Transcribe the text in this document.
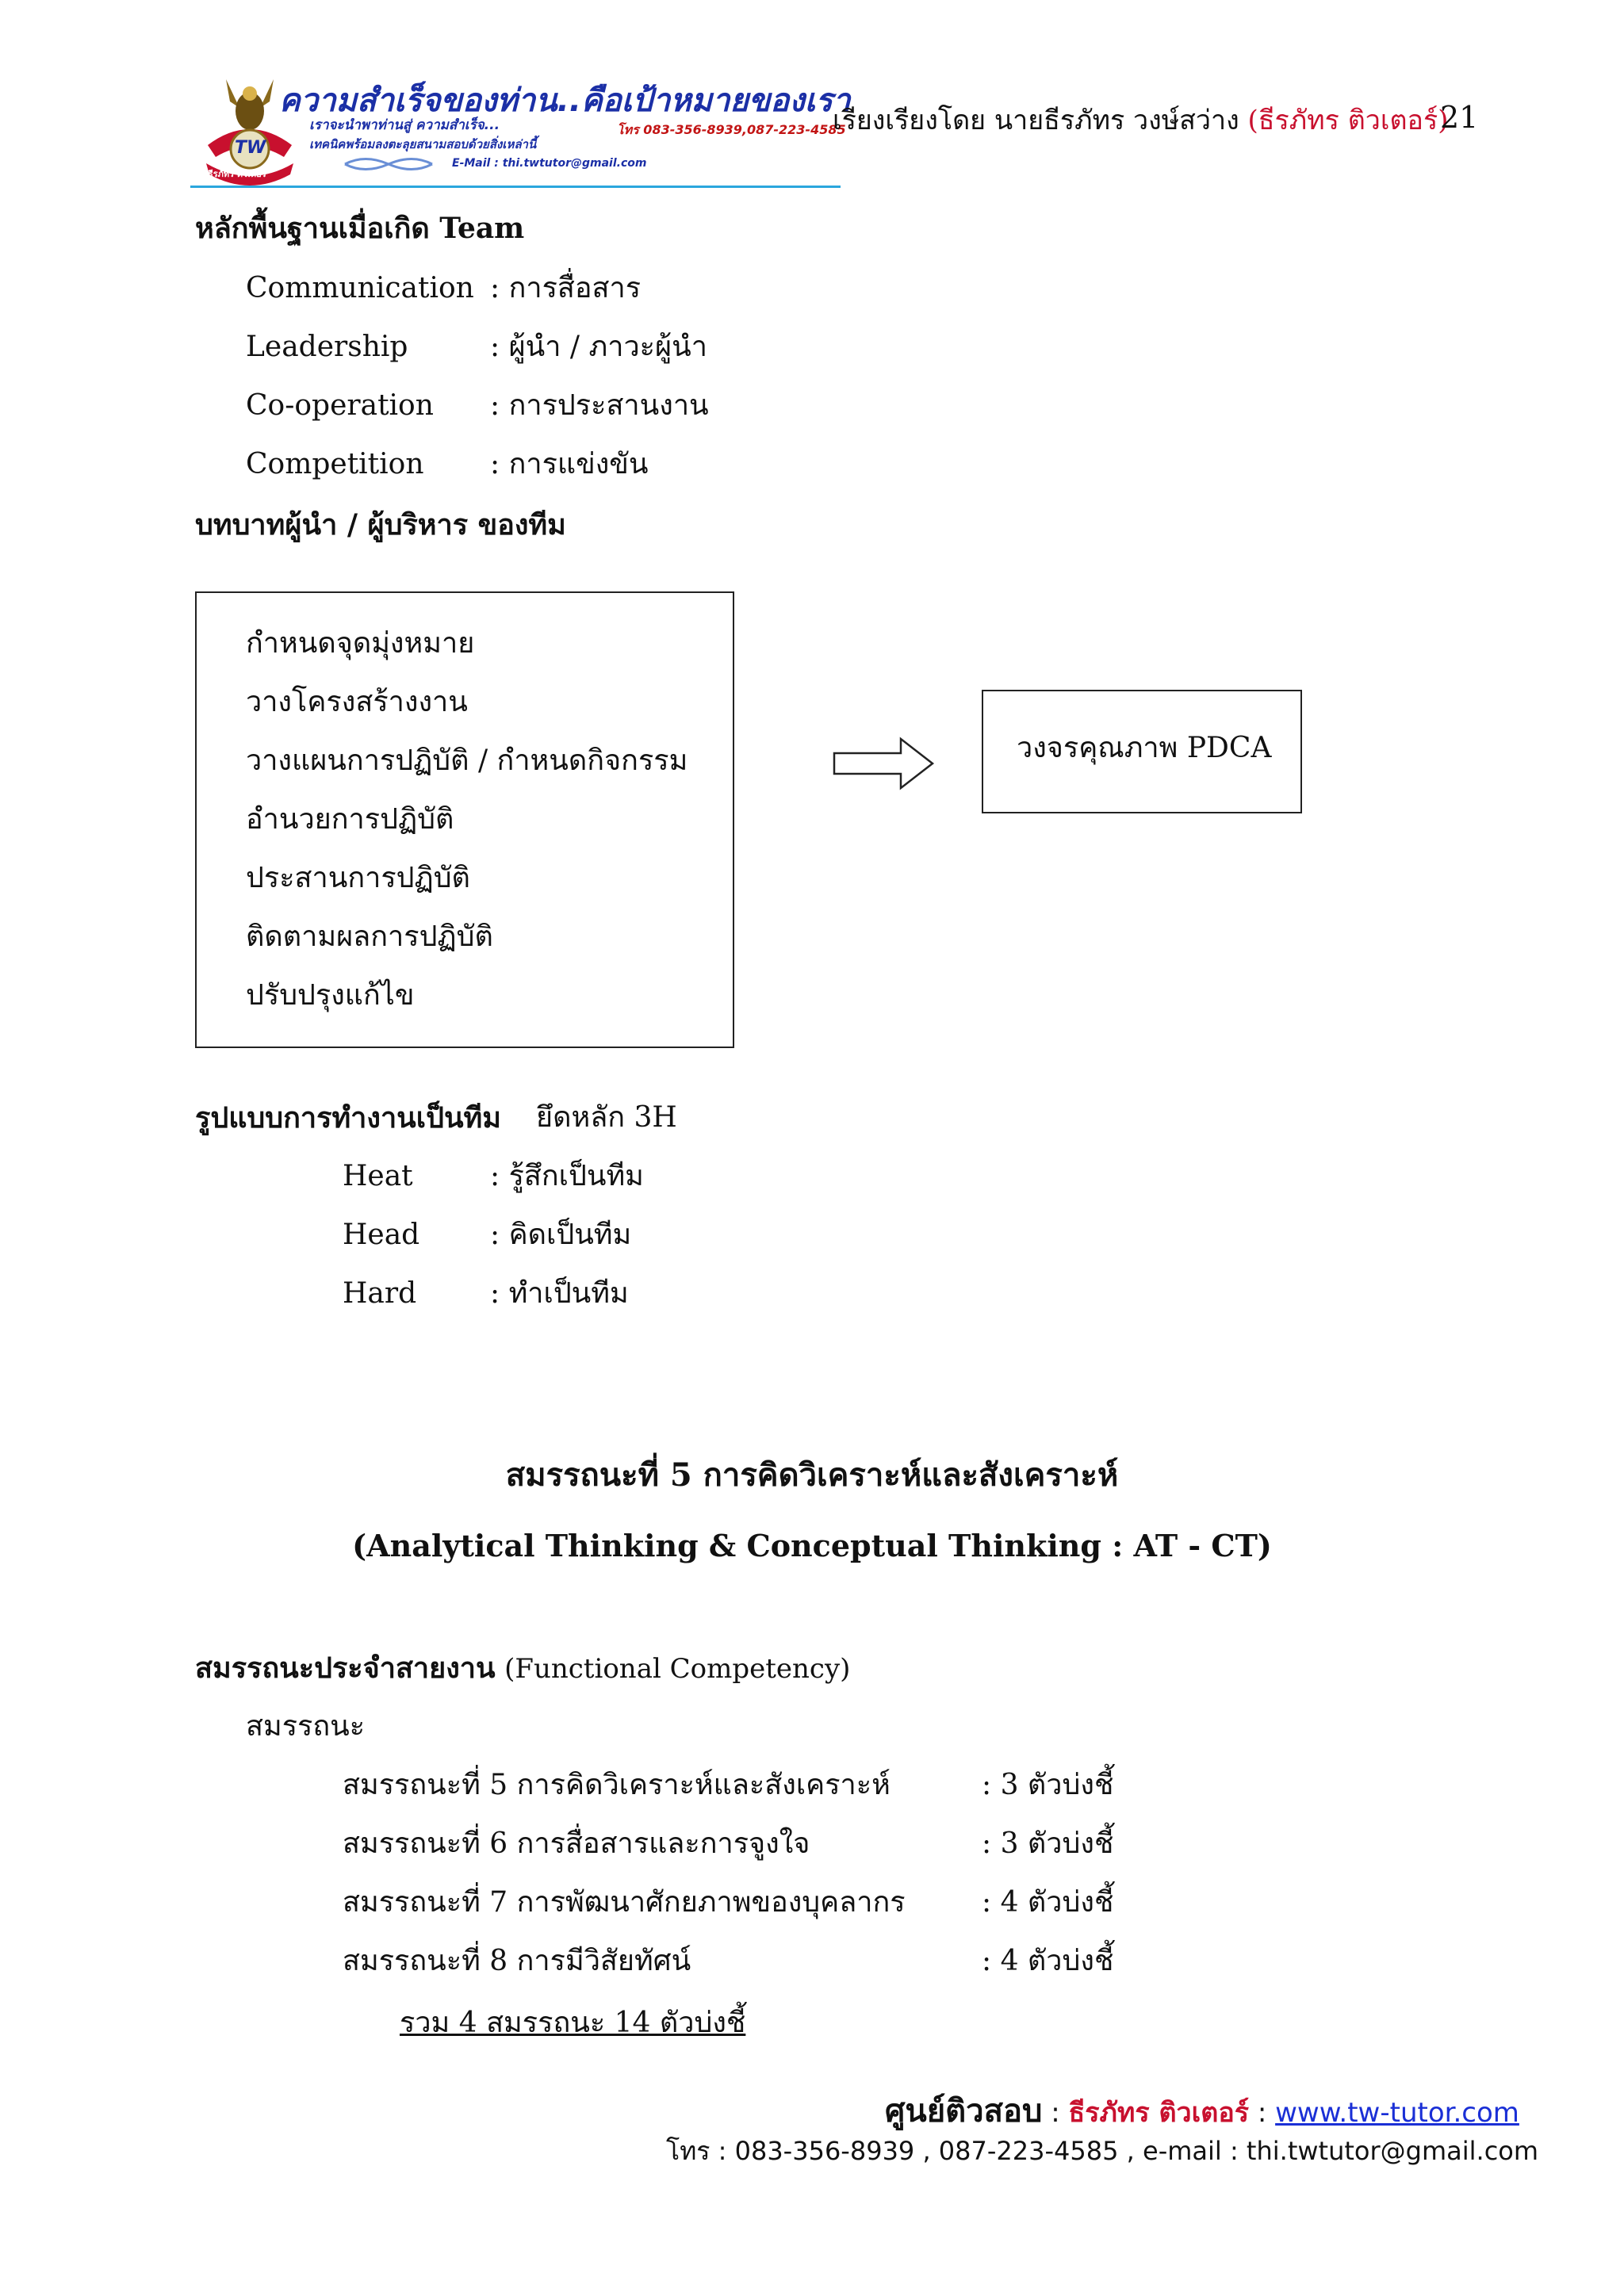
TW
ธีรภัทร ติวเตอร์
ความสำเร็จของท่าน..คือเป้าหมายของเรา
เราจะนำพาท่านสู่ ความสำเร็จ...	โทร 083-356-8939,087-223-4585
เทคนิคพร้อมลงตะลุยสนามสอบด้วยสิ่งเหล่านี้
E-Mail : thi.twtutor@gmail.com
เรียงเรียงโดย นายธีรภัทร วงษ์สว่าง (ธีรภัทร ติวเตอร์)
21
หลักพื้นฐานเมื่อเกิด Team
Communication : การสื่อสาร
Leadership	: ผู้นำ / ภาวะผู้นำ
Co-operation : การประสานงาน
Competition : การแข่งขัน
บทบาทผู้นำ / ผู้บริหาร ของทีม
กำหนดจุดมุ่งหมาย
วางโครงสร้างงาน
วางแผนการปฏิบัติ / กำหนดกิจกรรม
อำนวยการปฏิบัติ
ประสานการปฏิบัติ
ติดตามผลการปฏิบัติ
ปรับปรุงแก้ไข
วงจรคุณภาพ PDCA
รูปแบบการทำงานเป็นทีม ยึดหลัก 3H
Heat	: รู้สึกเป็นทีม
Head : คิดเป็นทีม
Hard	: ทำเป็นทีม
สมรรถนะที่ 5 การคิดวิเคราะห์และสังเคราะห์
(Analytical Thinking & Conceptual Thinking : AT - CT)
สมรรถนะประจำสายงาน (Functional Competency)
สมรรถนะ
สมรรถนะที่ 5 การคิดวิเคราะห์และสังเคราะห์	: 3 ตัวบ่งชี้
สมรรถนะที่ 6 การสื่อสารและการจูงใจ	: 3 ตัวบ่งชี้
สมรรถนะที่ 7 การพัฒนาศักยภาพของบุคลากร	: 4 ตัวบ่งชี้
สมรรถนะที่ 8 การมีวิสัยทัศน์	: 4 ตัวบ่งชี้
รวม 4 สมรรถนะ 14 ตัวบ่งชี้
ศูนย์ติวสอบ : ธีรภัทร ติวเตอร์ : www.tw-tutor.com
โทร : 083-356-8939 , 087-223-4585 , e-mail : thi.twtutor@gmail.com
